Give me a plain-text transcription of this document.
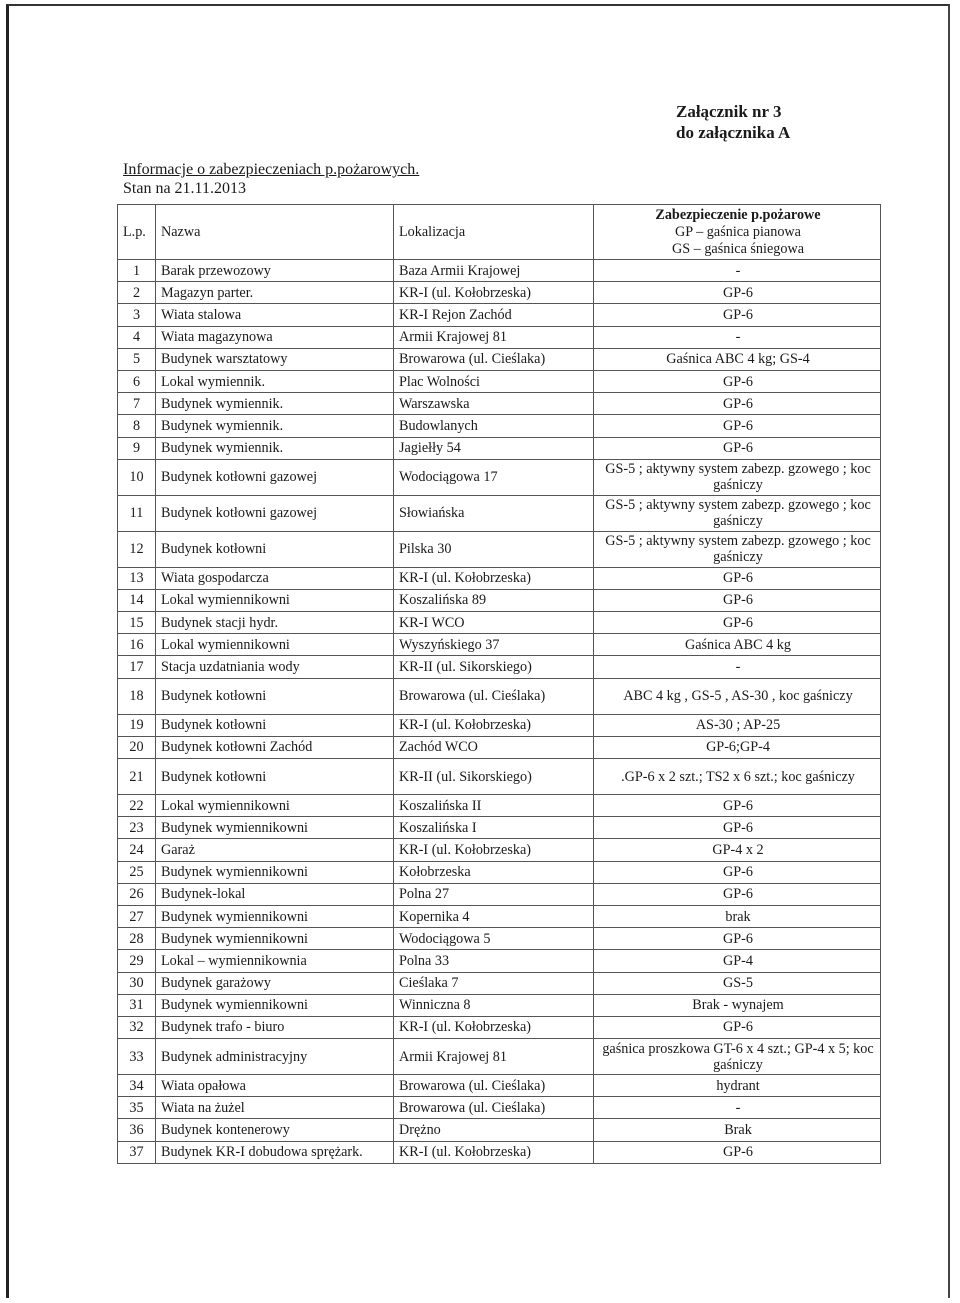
Załącznik nr 3
do załącznika A
Informacje o zabezpieczeniach p.pożarowych.
Stan na 21.11.2013
L.p.	Nazwa	Lokalizacja	Zabezpieczenie p.pożarowe
GP – gaśnica pianowa
GS – gaśnica śniegowa

1	Barak przewozowy	Baza Armii Krajowej	-
2	Magazyn parter.	KR-I (ul. Kołobrzeska)	GP-6
3	Wiata stalowa	KR-I Rejon Zachód	GP-6
4	Wiata magazynowa	Armii Krajowej 81	-
5	Budynek warsztatowy	Browarowa (ul. Cieślaka)	Gaśnica ABC 4 kg; GS-4
6	Lokal wymiennik.	Plac Wolności	GP-6
7	Budynek wymiennik.	Warszawska	GP-6
8	Budynek wymiennik.	Budowlanych	GP-6
9	Budynek wymiennik.	Jagiełły 54	GP-6
10	Budynek kotłowni gazowej	Wodociągowa 17	GS-5 ; aktywny system zabezp. gzowego ; koc gaśniczy
11	Budynek kotłowni gazowej	Słowiańska	GS-5 ; aktywny system zabezp. gzowego ; koc gaśniczy
12	Budynek kotłowni	Pilska 30	GS-5 ; aktywny system zabezp. gzowego ; koc gaśniczy
13	Wiata gospodarcza	KR-I (ul. Kołobrzeska)	GP-6
14	Lokal wymiennikowni	Koszalińska 89	GP-6
15	Budynek stacji hydr.	KR-I WCO	GP-6
16	Lokal wymiennikowni	Wyszyńskiego 37	Gaśnica ABC 4 kg
17	Stacja uzdatniania wody	KR-II (ul. Sikorskiego)	-
18	Budynek kotłowni	Browarowa (ul. Cieślaka)	ABC 4 kg , GS-5 , AS-30 , koc gaśniczy
19	Budynek kotłowni	KR-I (ul. Kołobrzeska)	AS-30 ; AP-25
20	Budynek kotłowni Zachód	Zachód WCO	GP-6;GP-4
21	Budynek kotłowni	KR-II (ul. Sikorskiego)	.GP-6 x 2 szt.; TS2 x 6 szt.; koc gaśniczy
22	Lokal wymiennikowni	Koszalińska II	GP-6
23	Budynek wymiennikowni	Koszalińska I	GP-6
24	Garaż	KR-I (ul. Kołobrzeska)	GP-4 x 2
25	Budynek wymiennikowni	Kołobrzeska	GP-6
26	Budynek-lokal	Polna 27	GP-6
27	Budynek wymiennikowni	Kopernika 4	brak
28	Budynek wymiennikowni	Wodociągowa 5	GP-6
29	Lokal – wymiennikownia	Polna 33	GP-4
30	Budynek garażowy	Cieślaka 7	GS-5
31	Budynek wymiennikowni	Winniczna 8	Brak - wynajem
32	Budynek trafo - biuro	KR-I (ul. Kołobrzeska)	GP-6
33	Budynek administracyjny	Armii Krajowej 81	gaśnica proszkowa GT-6 x 4 szt.; GP-4 x 5; koc gaśniczy
34	Wiata opałowa	Browarowa (ul. Cieślaka)	hydrant
35	Wiata na żużel	Browarowa (ul. Cieślaka)	-
36	Budynek kontenerowy	Drężno	Brak
37	Budynek KR-I dobudowa sprężark.	KR-I (ul. Kołobrzeska)	GP-6
